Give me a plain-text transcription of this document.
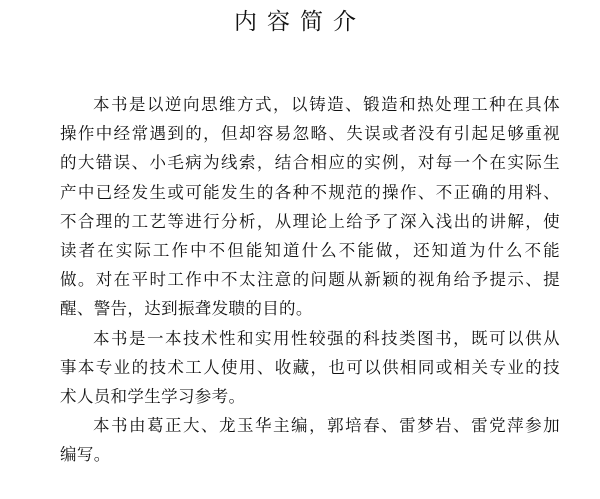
内容简介
本书是以逆向思维方式，以铸造、锻造和热处理工种在具体
操作中经常遇到的，但却容易忽略、失误或者没有引起足够重视
的大错误、小毛病为线索，结合相应的实例，对每一个在实际生
产中已经发生或可能发生的各种不规范的操作、不正确的用料、
不合理的工艺等进行分析，从理论上给予了深入浅出的讲解，使
读者在实际工作中不但能知道什么不能做，还知道为什么不能
做。对在平时工作中不太注意的问题从新颖的视角给予提示、提
醒、警告，达到振聋发聩的目的。
本书是一本技术性和实用性较强的科技类图书，既可以供从
事本专业的技术工人使用、收藏，也可以供相同或相关专业的技
术人员和学生学习参考。
本书由葛正大、龙玉华主编，郭培春、雷梦岩、雷党萍参加
编写。
